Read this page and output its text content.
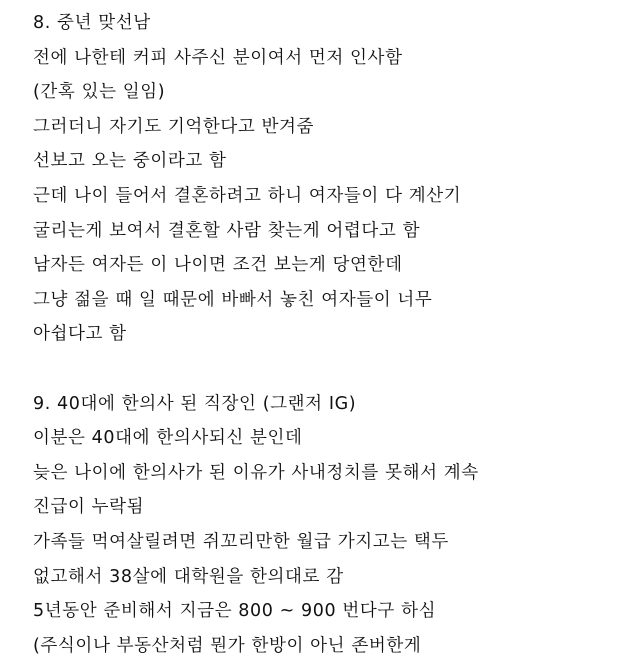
8. 중년 맞선남
전에 나한테 커피 사주신 분이여서 먼저 인사함
(간혹 있는 일임)
그러더니 자기도 기억한다고 반겨줌
선보고 오는 중이라고 함
근데 나이 들어서 결혼하려고 하니 여자들이 다 계산기
굴리는게 보여서 결혼할 사람 찾는게 어렵다고 함
남자든 여자든 이 나이면 조건 보는게 당연한데
그냥 젊을 때 일 때문에 바빠서 놓친 여자들이 너무
아쉽다고 함
9. 40대에 한의사 된 직장인 (그랜저 IG)
이분은 40대에 한의사되신 분인데
늦은 나이에 한의사가 된 이유가 사내정치를 못해서 계속
진급이 누락됨
가족들 먹여살릴려면 쥐꼬리만한 월급 가지고는 택두
없고해서 38살에 대학원을 한의대로 감
5년동안 준비해서 지금은 800 ~ 900 번다구 하심
(주식이나 부동산처럼 뭔가 한방이 아닌 존버한게
